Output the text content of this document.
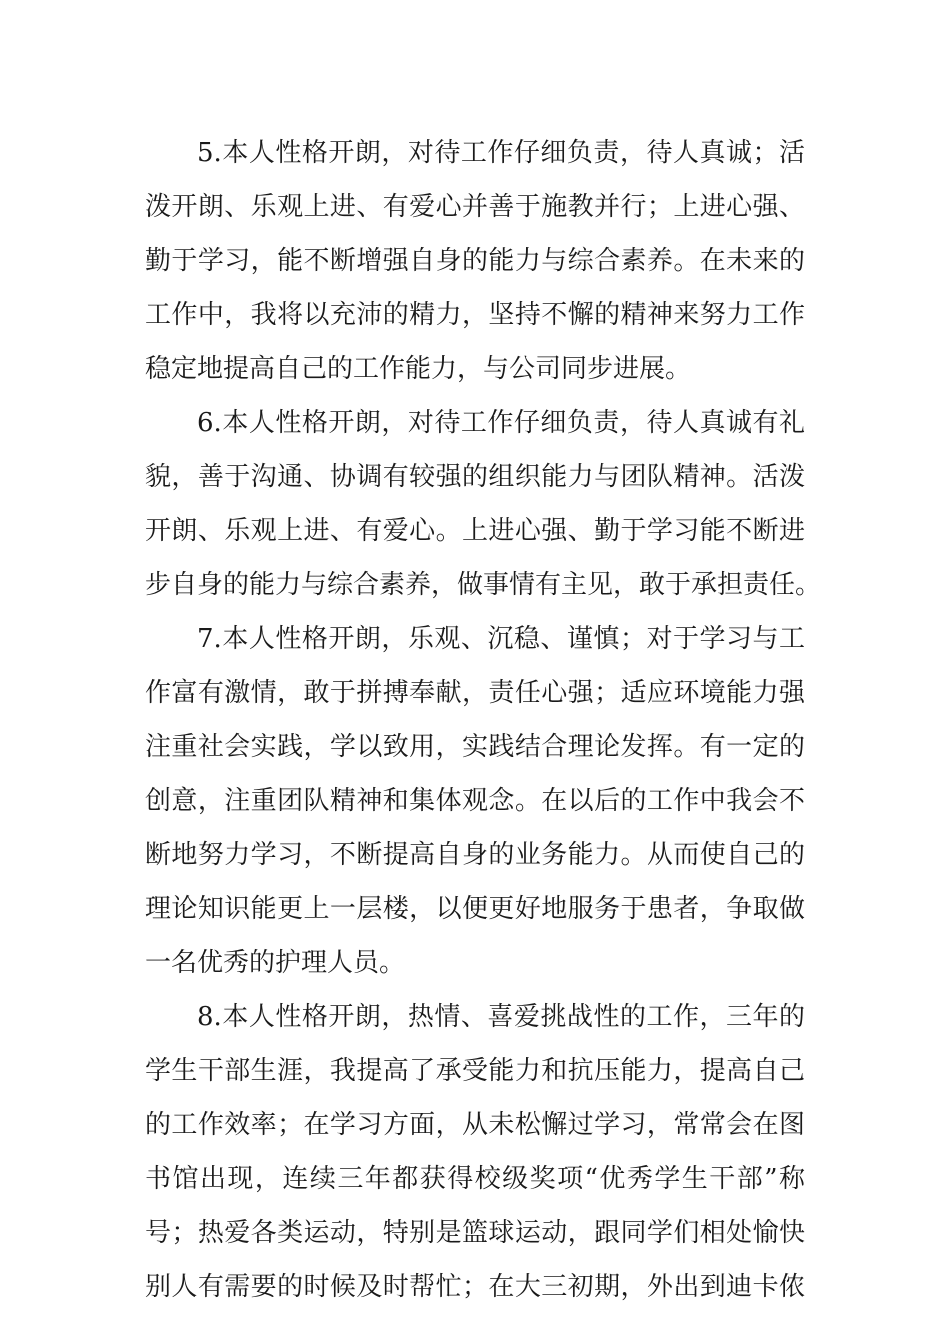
5.本人性格开朗，对待工作仔细负责，待人真诚；活
泼开朗、乐观上进、有爱心并善于施教并行；上进心强、
勤于学习，能不断增强自身的能力与综合素养。在未来的
工作中，我将以充沛的精力，坚持不懈的精神来努力工作
稳定地提高自己的工作能力，与公司同步进展。
6.本人性格开朗，对待工作仔细负责，待人真诚有礼
貌，善于沟通、协调有较强的组织能力与团队精神。活泼
开朗、乐观上进、有爱心。上进心强、勤于学习能不断进
步自身的能力与综合素养，做事情有主见，敢于承担责任。
7.本人性格开朗，乐观、沉稳、谨慎；对于学习与工
作富有激情，敢于拼搏奉献，责任心强；适应环境能力强
注重社会实践，学以致用，实践结合理论发挥。有一定的
创意，注重团队精神和集体观念。在以后的工作中我会不
断地努力学习，不断提高自身的业务能力。从而使自己的
理论知识能更上一层楼，以便更好地服务于患者，争取做
一名优秀的护理人员。
8.本人性格开朗，热情、喜爱挑战性的工作，三年的
学生干部生涯，我提高了承受能力和抗压能力，提高自己
的工作效率；在学习方面，从未松懈过学习，常常会在图
书馆出现，连续三年都获得校级奖项“优秀学生干部”称
号；热爱各类运动，特别是篮球运动，跟同学们相处愉快
别人有需要的时候及时帮忙；在大三初期，外出到迪卡侬
